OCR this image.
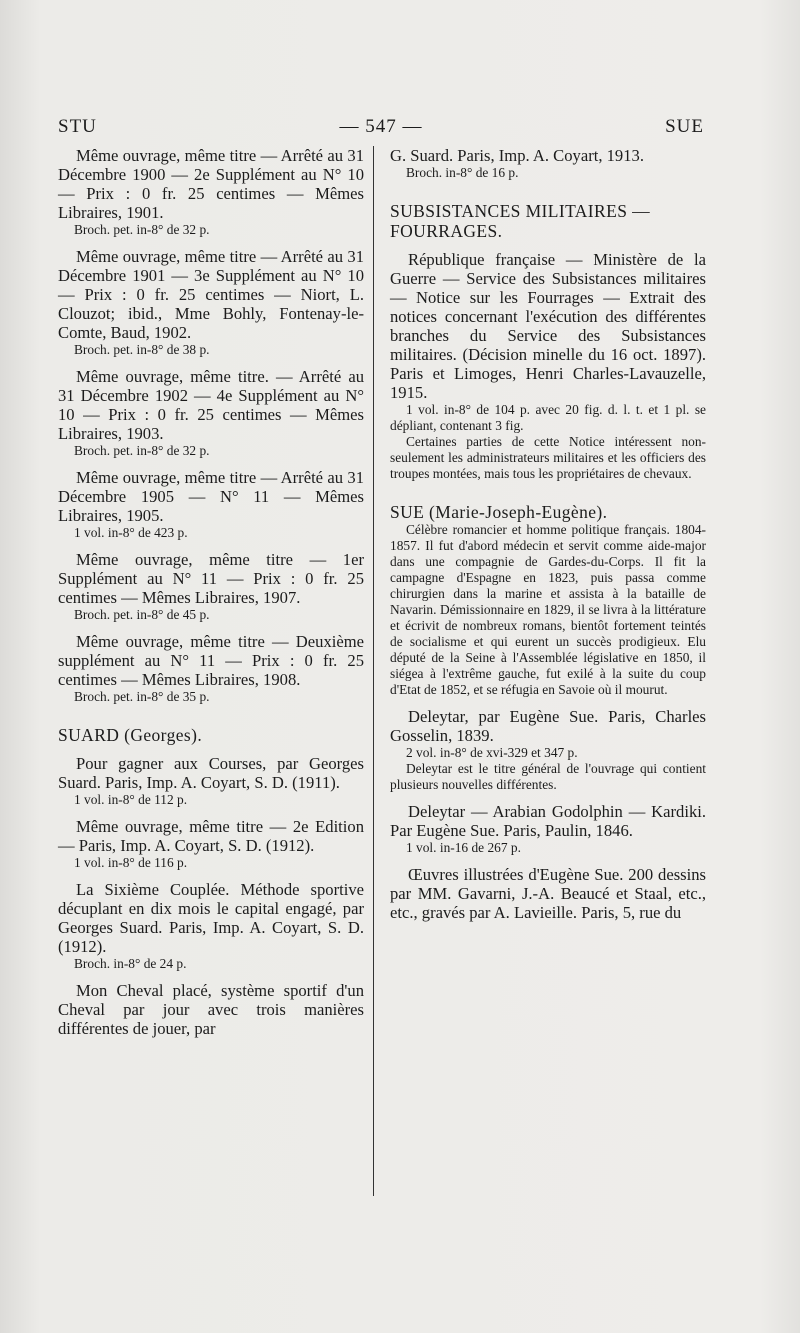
STU	— 547 —	SUE
Même ouvrage, même titre — Arrêté au 31 Décembre 1900 — 2e Supplément au N° 10 — Prix : 0 fr. 25 centimes — Mêmes Libraires, 1901.
Broch. pet. in-8° de 32 p.
Même ouvrage, même titre — Arrêté au 31 Décembre 1901 — 3e Supplément au N° 10 — Prix : 0 fr. 25 centimes — Niort, L. Clouzot; ibid., Mme Bohly, Fontenay-le-Comte, Baud, 1902.
Broch. pet. in-8° de 38 p.
Même ouvrage, même titre. — Arrêté au 31 Décembre 1902 — 4e Supplément au N° 10 — Prix : 0 fr. 25 centimes — Mêmes Libraires, 1903.
Broch. pet. in-8° de 32 p.
Même ouvrage, même titre — Arrêté au 31 Décembre 1905 — N° 11 — Mêmes Libraires, 1905.
1 vol. in-8° de 423 p.
Même ouvrage, même titre — 1er Supplément au N° 11 — Prix : 0 fr. 25 centimes — Mêmes Libraires, 1907.
Broch. pet. in-8° de 45 p.
Même ouvrage, même titre — Deuxième supplément au N° 11 — Prix : 0 fr. 25 centimes — Mêmes Libraires, 1908.
Broch. pet. in-8° de 35 p.
SUARD (Georges).
Pour gagner aux Courses, par Georges Suard. Paris, Imp. A. Coyart, S. D. (1911).
1 vol. in-8° de 112 p.
Même ouvrage, même titre — 2e Edition — Paris, Imp. A. Coyart, S. D. (1912).
1 vol. in-8° de 116 p.
La Sixième Couplée. Méthode sportive décuplant en dix mois le capital engagé, par Georges Suard. Paris, Imp. A. Coyart, S. D. (1912).
Broch. in-8° de 24 p.
Mon Cheval placé, système sportif d'un Cheval par jour avec trois manières différentes de jouer, par
G. Suard. Paris, Imp. A. Coyart, 1913.
Broch. in-8° de 16 p.
SUBSISTANCES MILITAIRES — FOURRAGES.
République française — Ministère de la Guerre — Service des Subsistances militaires — Notice sur les Fourrages — Extrait des notices concernant l'exécution des différentes branches du Service des Subsistances militaires. (Décision minelle du 16 oct. 1897). Paris et Limoges, Henri Charles-Lavauzelle, 1915.
1 vol. in-8° de 104 p. avec 20 fig. d. l. t. et 1 pl. se dépliant, contenant 3 fig.
Certaines parties de cette Notice intéressent non-seulement les administrateurs militaires et les officiers des troupes montées, mais tous les propriétaires de chevaux.
SUE (Marie-Joseph-Eugène).
Célèbre romancier et homme politique français. 1804-1857. Il fut d'abord médecin et servit comme aide-major dans une compagnie de Gardes-du-Corps. Il fit la campagne d'Espagne en 1823, puis passa comme chirurgien dans la marine et assista à la bataille de Navarin. Démissionnaire en 1829, il se livra à la littérature et écrivit de nombreux romans, bientôt fortement teintés de socialisme et qui eurent un succès prodigieux. Elu député de la Seine à l'Assemblée législative en 1850, il siégea à l'extrême gauche, fut exilé à la suite du coup d'Etat de 1852, et se réfugia en Savoie où il mourut.
Deleytar, par Eugène Sue. Paris, Charles Gosselin, 1839.
2 vol. in-8° de xvi-329 et 347 p.
Deleytar est le titre général de l'ouvrage qui contient plusieurs nouvelles différentes.
Deleytar — Arabian Godolphin — Kardiki. Par Eugène Sue. Paris, Paulin, 1846.
1 vol. in-16 de 267 p.
Œuvres illustrées d'Eugène Sue. 200 dessins par MM. Gavarni, J.-A. Beaucé et Staal, etc., etc., gravés par A. Lavieille. Paris, 5, rue du
